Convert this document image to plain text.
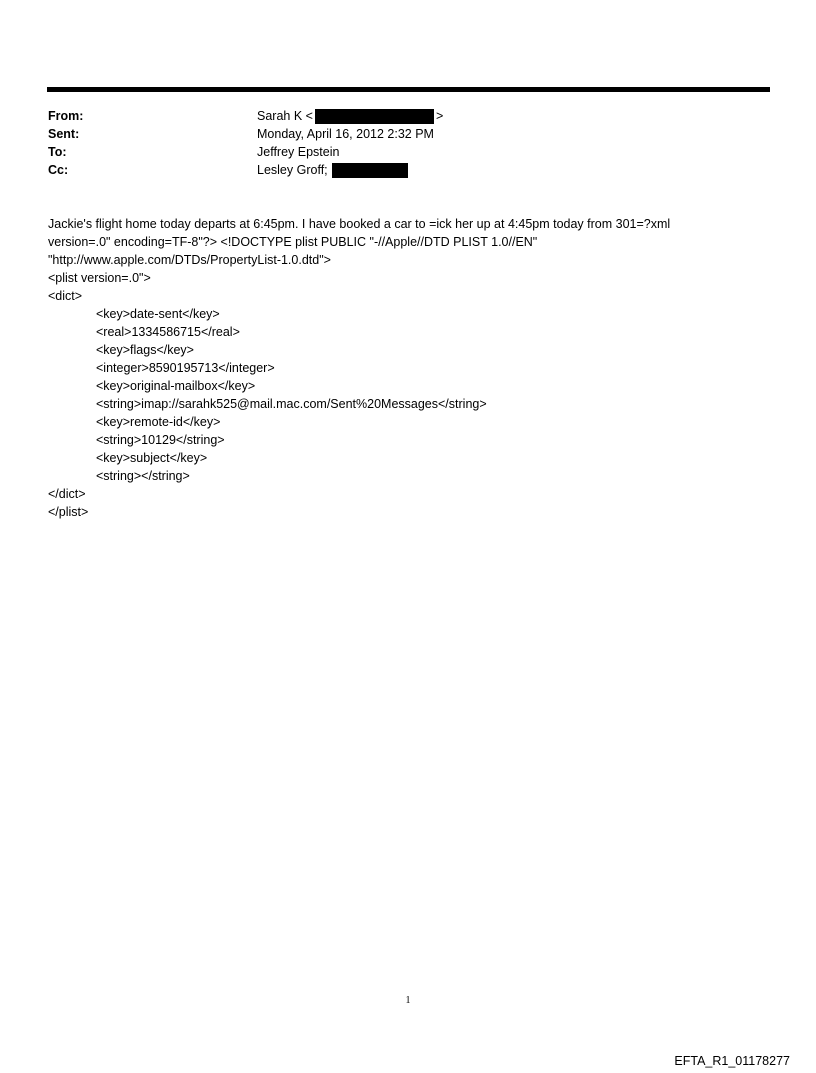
From:	Sarah K <	>
Sent:	Monday, April 16, 2012 2:32 PM
To:	Jeffrey Epstein
Cc:	Lesley Groff;
Jackie's flight home today departs at 6:45pm. I have booked a car to =ick her up at 4:45pm today from 301=?xml
version=.0" encoding=TF-8"?> <!DOCTYPE plist PUBLIC "-//Apple//DTD PLIST 1.0//EN"
"http://www.apple.com/DTDs/PropertyList-1.0.dtd">
<plist version=.0">
<dict>
<key>date-sent</key>
<real>1334586715</real>
<key>flags</key>
<integer>8590195713</integer>
<key>original-mailbox</key>
<string>imap://sarahk525@mail.mac.com/Sent%20Messages</string>
<key>remote-id</key>
<string>10129</string>
<key>subject</key>
<string></string>
</dict>
</plist>
1
EFTA_R1_01178277
